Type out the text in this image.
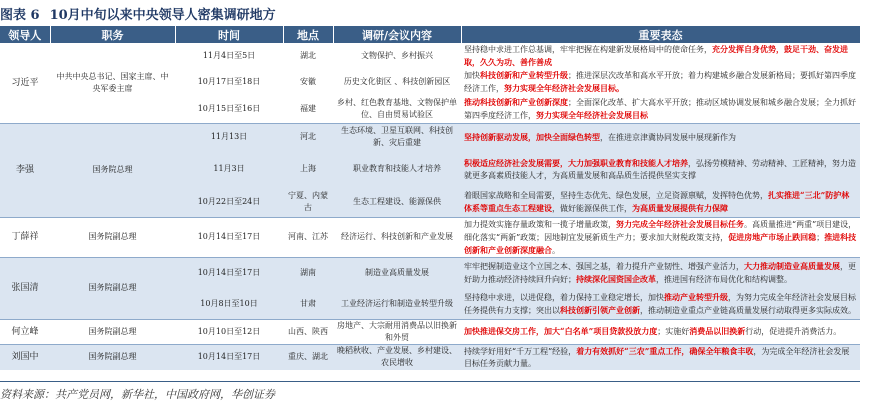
图表 6 10月中旬以来中央领导人密集调研地方
领导人	职务	时间	地点	调研/会议内容	重要表态
习近平	中共中央总书记、国家主席、中央军委主席	11月4日至5日	湖北	文物保护、乡村振兴	坚持稳中求进工作总基调，牢牢把握在构建新发展格局中的使命任务，充分发挥自身优势，鼓足干劲、奋发进取，久久为功、善作善成
		10月17日至18日	安徽	历史文化街区 、科技创新园区	加快科技创新和产业转型升级；推进深层次改革和高水平开放；着力构建城乡融合发展新格局；要抓好第四季度经济工作，努力实现全年经济社会发展目标。
		10月15日至16日	福建	乡村、红色教育基地、文物保护单位、自由贸易试验区	推动科技创新和产业创新深度；全面深化改革、扩大高水平开放；推动区域协调发展和城乡融合发展；全力抓好第四季度经济工作，努力实现全年经济社会发展目标
李强	国务院总理	11月13日	河北	生态环境、卫星互联网、科技创新、灾后重建	坚持创新驱动发展，加快全面绿色转型，在推进京津冀协同发展中展现新作为
		11月3日	上海	职业教育和技能人才培养	积极适应经济社会发展需要，大力加强职业教育和技能人才培养，弘扬劳模精神、劳动精神、工匠精神，努力造就更多高素质技能人才，为高质量发展和高品质生活提供坚实支撑
		10月22日至24日	宁夏、内蒙古	生态工程建设、能源保供	着眼国家战略和全局需要，坚持生态优先、绿色发展，立足资源禀赋，发挥特色优势，扎实推进“三北”防护林体系等重点生态工程建设，做好能源保供工作，为高质量发展提供有力保障
丁薛祥	国务院副总理	10月14日至17日	河南、江苏	经济运行、科技创新和产业发展	加力提效实施存量政策和一揽子增量政策，努力完成全年经济社会发展目标任务。高质量推进“两重”项目建设，细化落实“两新”政策；因地制宜发展新质生产力；要求加大财税政策支持，促进房地产市场止跌回稳；推进科技创新和产业创新深度融合。
张国清	国务院副总理	10月14日至17日	湖南	制造业高质量发展	牢牢把握制造业这个立国之本、强国之基，着力提升产业韧性、增强产业活力，大力推动制造业高质量发展，更好助力推动经济持续回升向好；持续深化国资国企改革，推进国有经济布局优化和结构调整。
		10月8日至10日	甘肃	工业经济运行和制造业转型升级	坚持稳中求进，以进促稳，着力保持工业稳定增长，加快推动产业转型升级，为努力完成全年经济社会发展目标任务提供有力支撑；突出以科技创新引领产业创新，推动制造业重点产业链高质量发展行动取得更多实际成效。
何立峰	国务院副总理	10月10日至12日	山西、陕西	房地产、大宗耐用消费品以旧换新和外贸	加快推进保交房工作，加大“白名单”项目贷款投放力度；实施好消费品以旧换新行动，促进提升消费活力。
刘国中	国务院副总理	10月14日至17日	重庆、湖北	晚稻秋收、产业发展、乡村建设、农民增收	持续学好用好“千万工程”经验，着力有效抓好“三农”重点工作，确保全年粮食丰收，为完成全年经济社会发展目标任务贡献力量。
资料来源：共产党员网，新华社，中国政府网，华创证券
